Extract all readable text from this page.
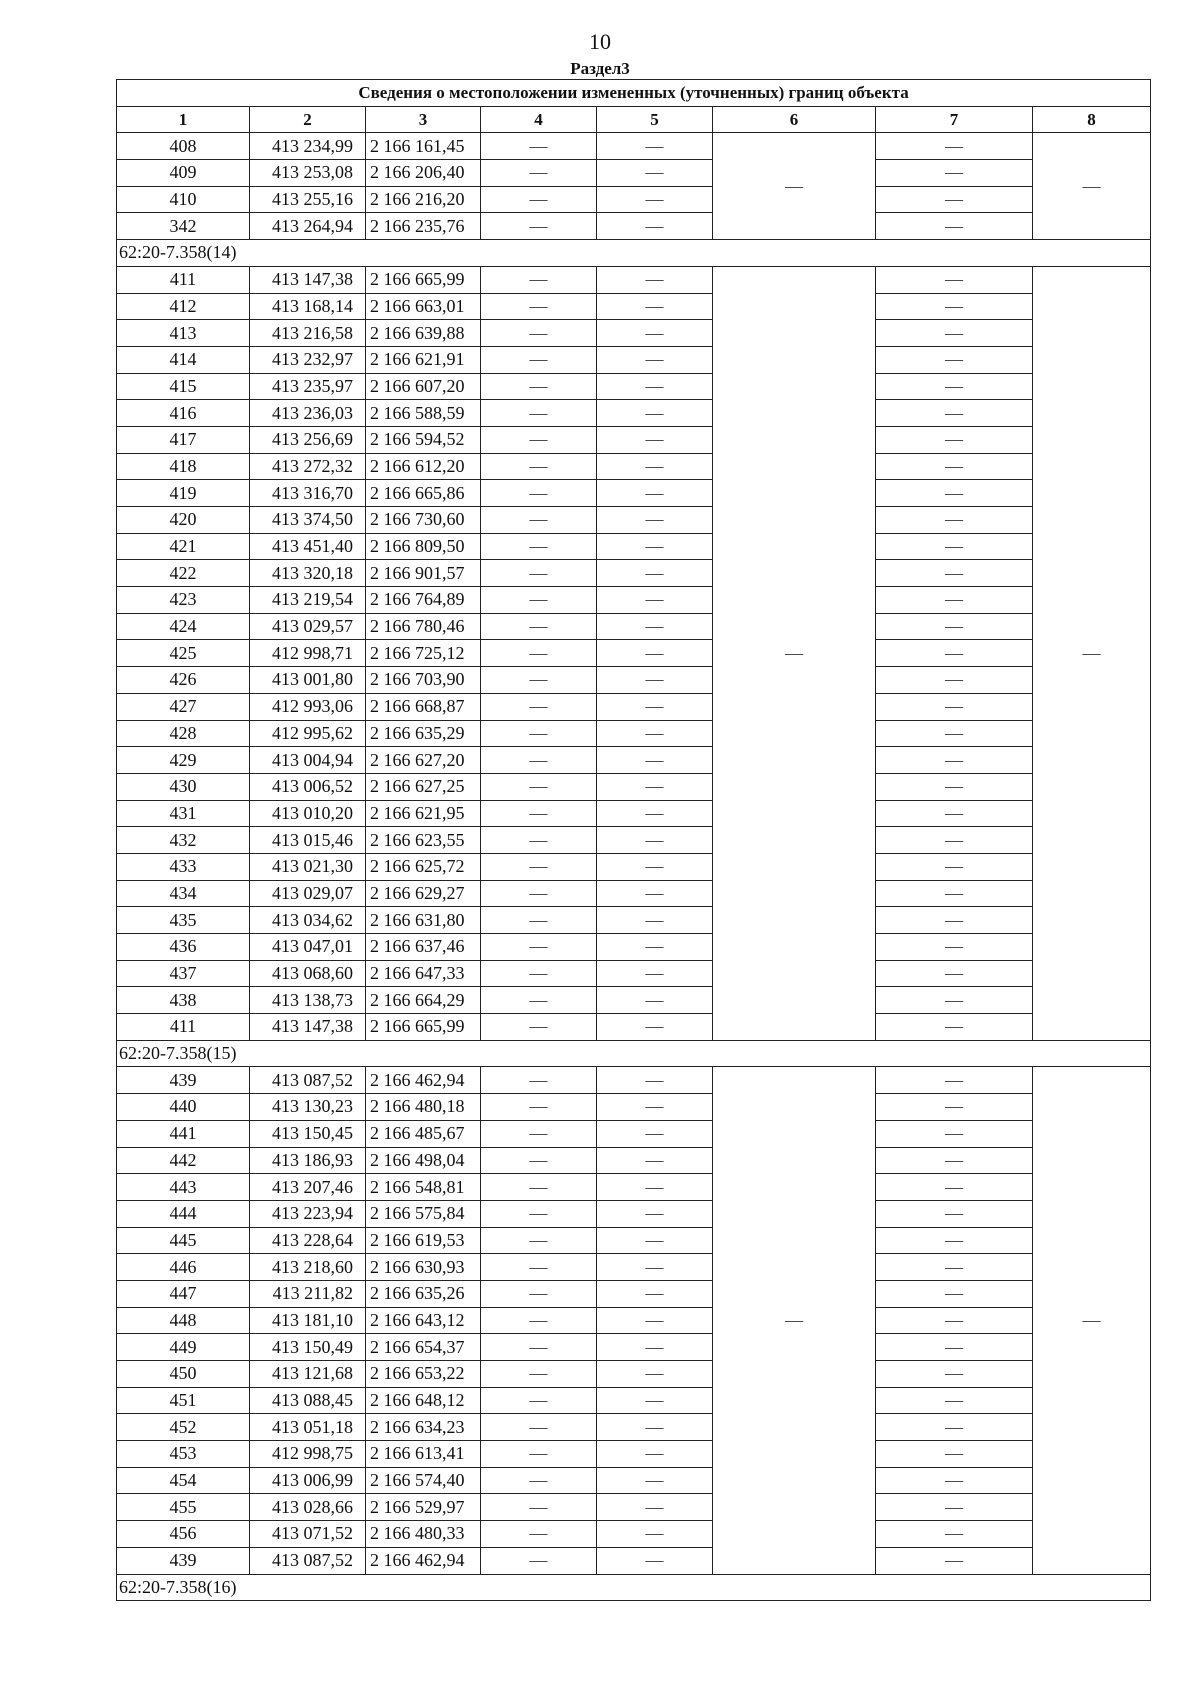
10
Раздел3
Сведения о местоположении измененных (уточненных) границ объекта							
1	2	3	4	5	6	7	8
408	413 234,99	2 166 161,45	—	—	—	—	—
409	413 253,08	2 166 206,40	—	—		—	
410	413 255,16	2 166 216,20	—	—		—	
342	413 264,94	2 166 235,76	—	—		—	
62:20-7.358(14)							
411	413 147,38	2 166 665,99	—	—	—	—	—
412	413 168,14	2 166 663,01	—	—		—	
413	413 216,58	2 166 639,88	—	—		—	
414	413 232,97	2 166 621,91	—	—		—	
415	413 235,97	2 166 607,20	—	—		—	
416	413 236,03	2 166 588,59	—	—		—	
417	413 256,69	2 166 594,52	—	—		—	
418	413 272,32	2 166 612,20	—	—		—	
419	413 316,70	2 166 665,86	—	—		—	
420	413 374,50	2 166 730,60	—	—		—	
421	413 451,40	2 166 809,50	—	—		—	
422	413 320,18	2 166 901,57	—	—		—	
423	413 219,54	2 166 764,89	—	—		—	
424	413 029,57	2 166 780,46	—	—		—	
425	412 998,71	2 166 725,12	—	—		—	
426	413 001,80	2 166 703,90	—	—		—	
427	412 993,06	2 166 668,87	—	—		—	
428	412 995,62	2 166 635,29	—	—		—	
429	413 004,94	2 166 627,20	—	—		—	
430	413 006,52	2 166 627,25	—	—		—	
431	413 010,20	2 166 621,95	—	—		—	
432	413 015,46	2 166 623,55	—	—		—	
433	413 021,30	2 166 625,72	—	—		—	
434	413 029,07	2 166 629,27	—	—		—	
435	413 034,62	2 166 631,80	—	—		—	
436	413 047,01	2 166 637,46	—	—		—	
437	413 068,60	2 166 647,33	—	—		—	
438	413 138,73	2 166 664,29	—	—		—	
411	413 147,38	2 166 665,99	—	—		—	
62:20-7.358(15)							
439	413 087,52	2 166 462,94	—	—	—	—	—
440	413 130,23	2 166 480,18	—	—		—	
441	413 150,45	2 166 485,67	—	—		—	
442	413 186,93	2 166 498,04	—	—		—	
443	413 207,46	2 166 548,81	—	—		—	
444	413 223,94	2 166 575,84	—	—		—	
445	413 228,64	2 166 619,53	—	—		—	
446	413 218,60	2 166 630,93	—	—		—	
447	413 211,82	2 166 635,26	—	—		—	
448	413 181,10	2 166 643,12	—	—		—	
449	413 150,49	2 166 654,37	—	—		—	
450	413 121,68	2 166 653,22	—	—		—	
451	413 088,45	2 166 648,12	—	—		—	
452	413 051,18	2 166 634,23	—	—		—	
453	412 998,75	2 166 613,41	—	—		—	
454	413 006,99	2 166 574,40	—	—		—	
455	413 028,66	2 166 529,97	—	—		—	
456	413 071,52	2 166 480,33	—	—		—	
439	413 087,52	2 166 462,94	—	—		—	
62:20-7.358(16)							
